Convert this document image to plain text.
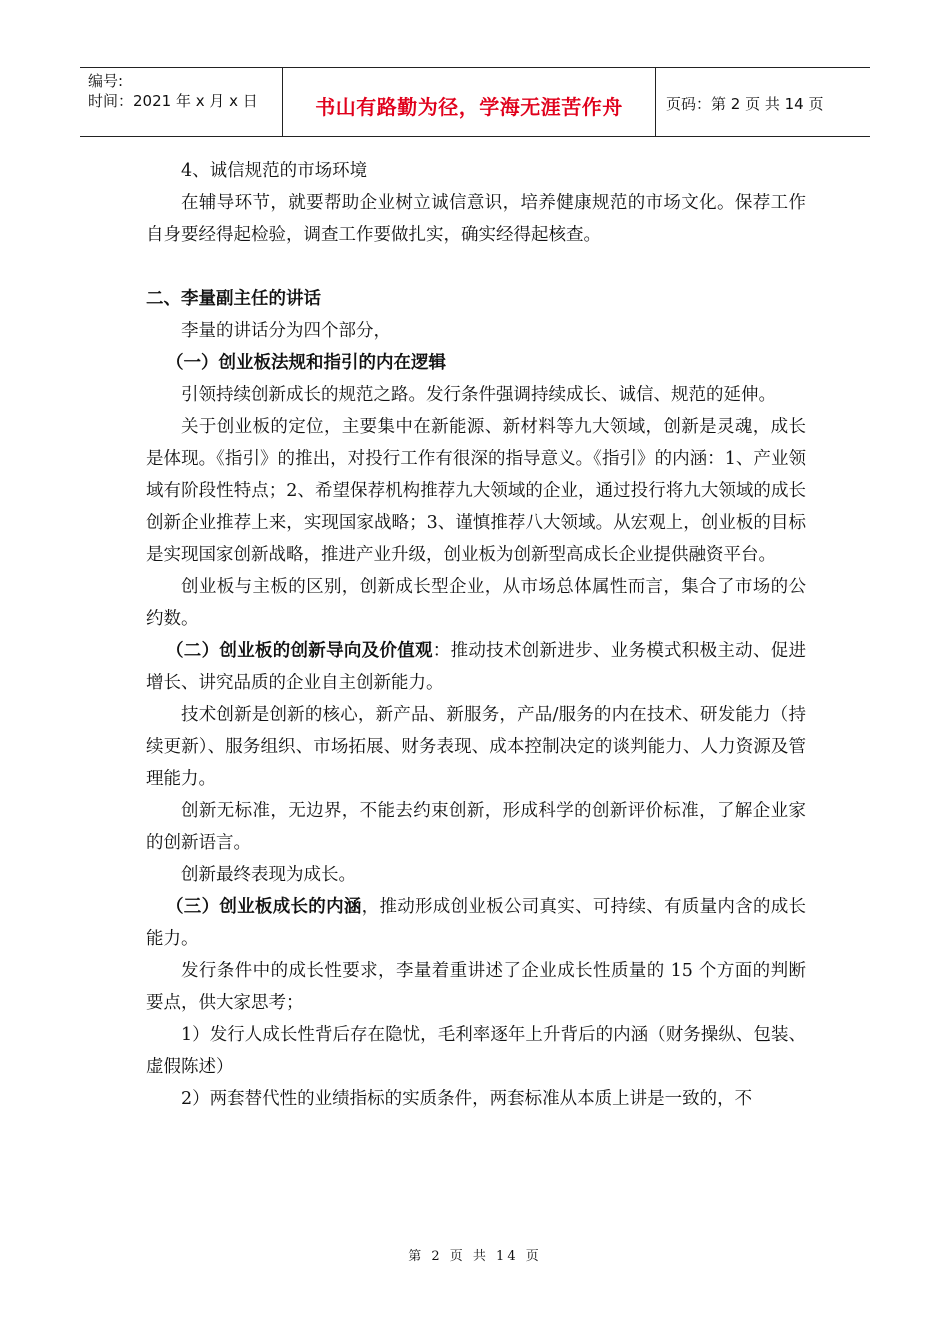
编号:
时间：2021 年 x 月 x 日	书山有路勤为径，学海无涯苦作舟	页码：第 2 页 共 14 页

4、诚信规范的市场环境

在辅导环节，就要帮助企业树立诚信意识，培养健康规范的市场文化。保荐工作自身要经得起检验，调查工作要做扎实，确实经得起核查。

二、李量副主任的讲话

李量的讲话分为四个部分，

（一）创业板法规和指引的内在逻辑

引领持续创新成长的规范之路。发行条件强调持续成长、诚信、规范的延伸。

关于创业板的定位，主要集中在新能源、新材料等九大领域，创新是灵魂，成长是体现。《指引》的推出，对投行工作有很深的指导意义。《指引》的内涵：1、产业领域有阶段性特点；2、希望保荐机构推荐九大领域的企业，通过投行将九大领域的成长创新企业推荐上来，实现国家战略；3、谨慎推荐八大领域。从宏观上，创业板的目标是实现国家创新战略，推进产业升级，创业板为创新型高成长企业提供融资平台。

创业板与主板的区别，创新成长型企业，从市场总体属性而言，集合了市场的公约数。

（二）创业板的创新导向及价值观：推动技术创新进步、业务模式积极主动、促进增长、讲究品质的企业自主创新能力。

技术创新是创新的核心，新产品、新服务，产品/服务的内在技术、研发能力（持续更新）、服务组织、市场拓展、财务表现、成本控制决定的谈判能力、人力资源及管理能力。

创新无标准，无边界，不能去约束创新，形成科学的创新评价标准，了解企业家的创新语言。

创新最终表现为成长。

（三）创业板成长的内涵，推动形成创业板公司真实、可持续、有质量内含的成长能力。

发行条件中的成长性要求，李量着重讲述了企业成长性质量的 15 个方面的判断要点，供大家思考；

1）发行人成长性背后存在隐忧，毛利率逐年上升背后的内涵（财务操纵、包装、虚假陈述）

2）两套替代性的业绩指标的实质条件，两套标准从本质上讲是一致的，不

第 2 页 共 14 页
